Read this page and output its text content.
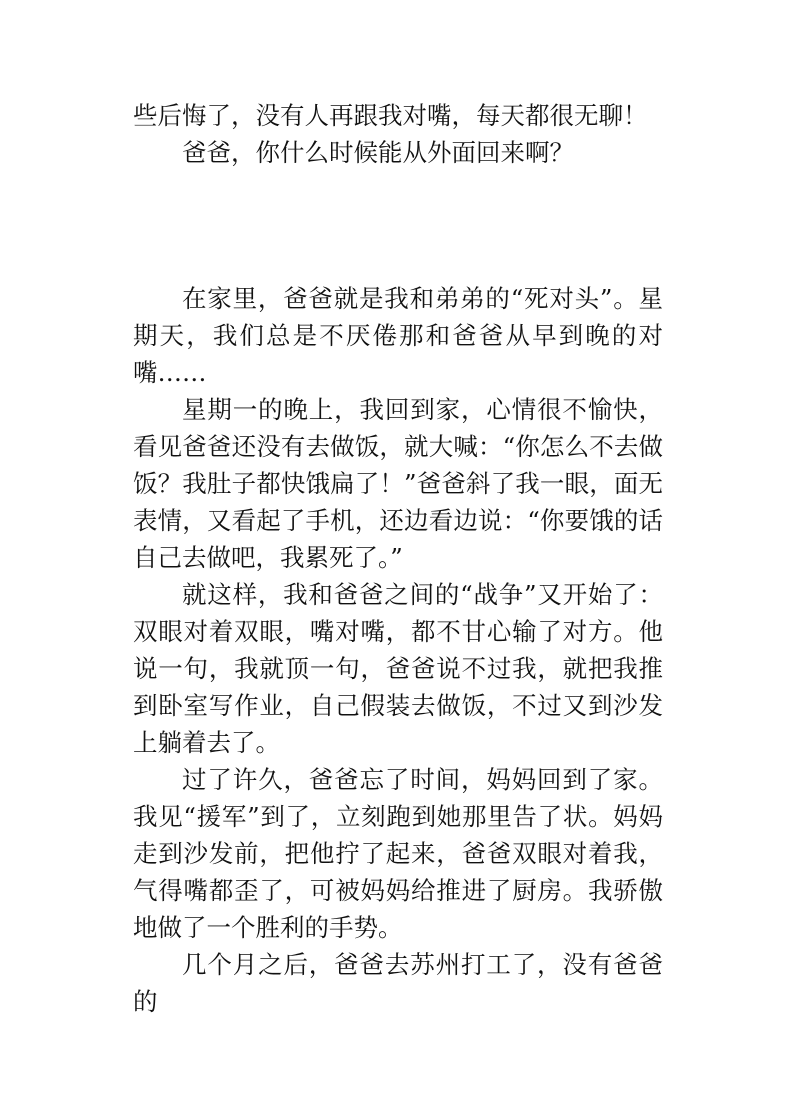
些后悔了，没有人再跟我对嘴，每天都很无聊！

爸爸，你什么时候能从外面回来啊？

在家里，爸爸就是我和弟弟的“死对头”。星期天，我们总是不厌倦那和爸爸从早到晚的对嘴……

星期一的晚上，我回到家，心情很不愉快，看见爸爸还没有去做饭，就大喊：“你怎么不去做饭？我肚子都快饿扁了！”爸爸斜了我一眼，面无表情，又看起了手机，还边看边说：“你要饿的话自己去做吧，我累死了。”

就这样，我和爸爸之间的“战争”又开始了：双眼对着双眼，嘴对嘴，都不甘心输了对方。他说一句，我就顶一句，爸爸说不过我，就把我推到卧室写作业，自己假装去做饭，不过又到沙发上躺着去了。

过了许久，爸爸忘了时间，妈妈回到了家。我见“援军”到了，立刻跑到她那里告了状。妈妈走到沙发前，把他拧了起来，爸爸双眼对着我，气得嘴都歪了，可被妈妈给推进了厨房。我骄傲地做了一个胜利的手势。

几个月之后，爸爸去苏州打工了，没有爸爸的
